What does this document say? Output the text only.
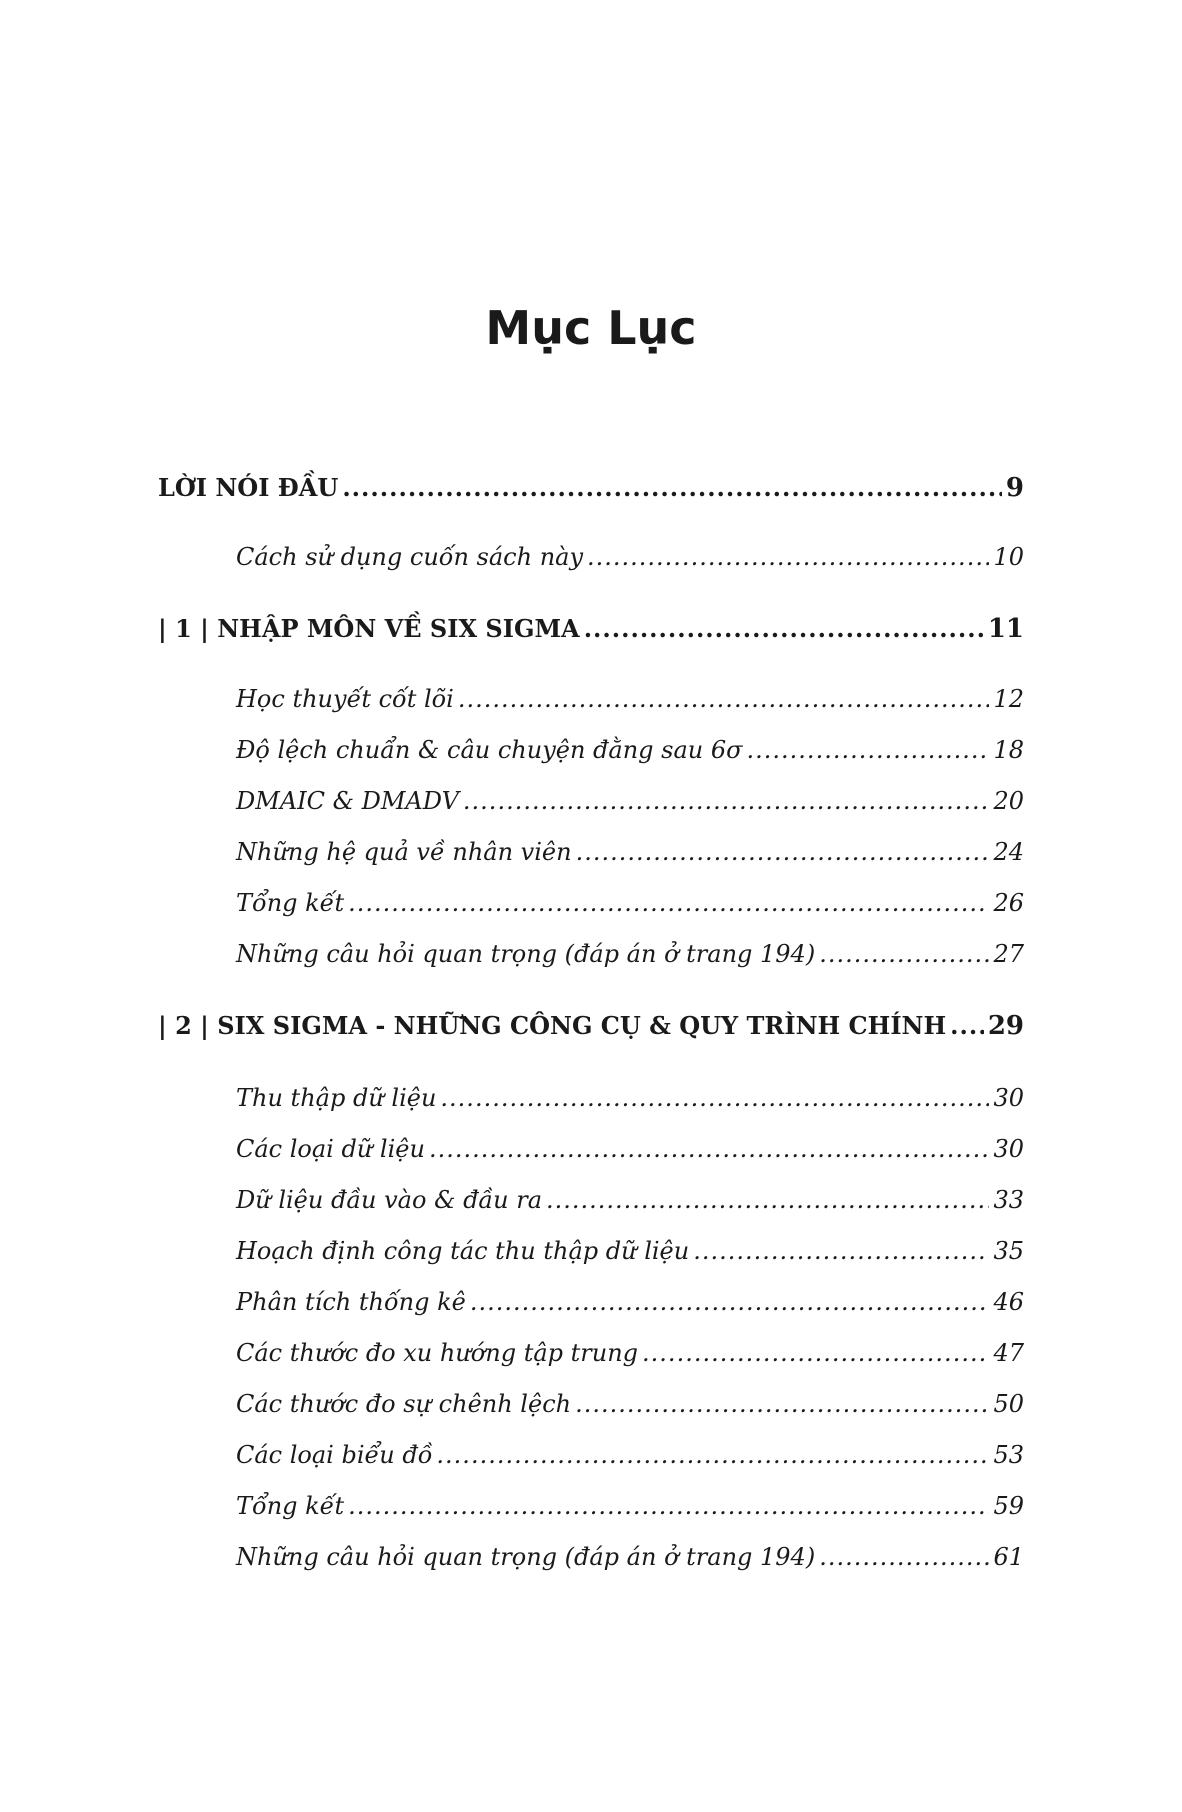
Mục Lục
LỜI NÓI ĐẦU .....	9
Cách sử dụng cuốn sách này .....	10
| 1 | NHẬP MÔN VỀ SIX SIGMA .....	11
Học thuyết cốt lõi .....	12
Độ lệch chuẩn & câu chuyện đằng sau 6σ .....	18
DMAIC & DMADV .....	20
Những hệ quả về nhân viên .....	24
Tổng kết .....	26
Những câu hỏi quan trọng (đáp án ở trang 194) .....	27
| 2 | SIX SIGMA - NHỮNG CÔNG CỤ & QUY TRÌNH CHÍNH ..... 29
Thu thập dữ liệu .....	30
Các loại dữ liệu .....	30
Dữ liệu đầu vào & đầu ra .....	33
Hoạch định công tác thu thập dữ liệu .....	35
Phân tích thống kê .....	46
Các thước đo xu hướng tập trung .....	47
Các thước đo sự chênh lệch .....	50
Các loại biểu đồ .....	53
Tổng kết .....	59
Những câu hỏi quan trọng (đáp án ở trang 194) .....	61
